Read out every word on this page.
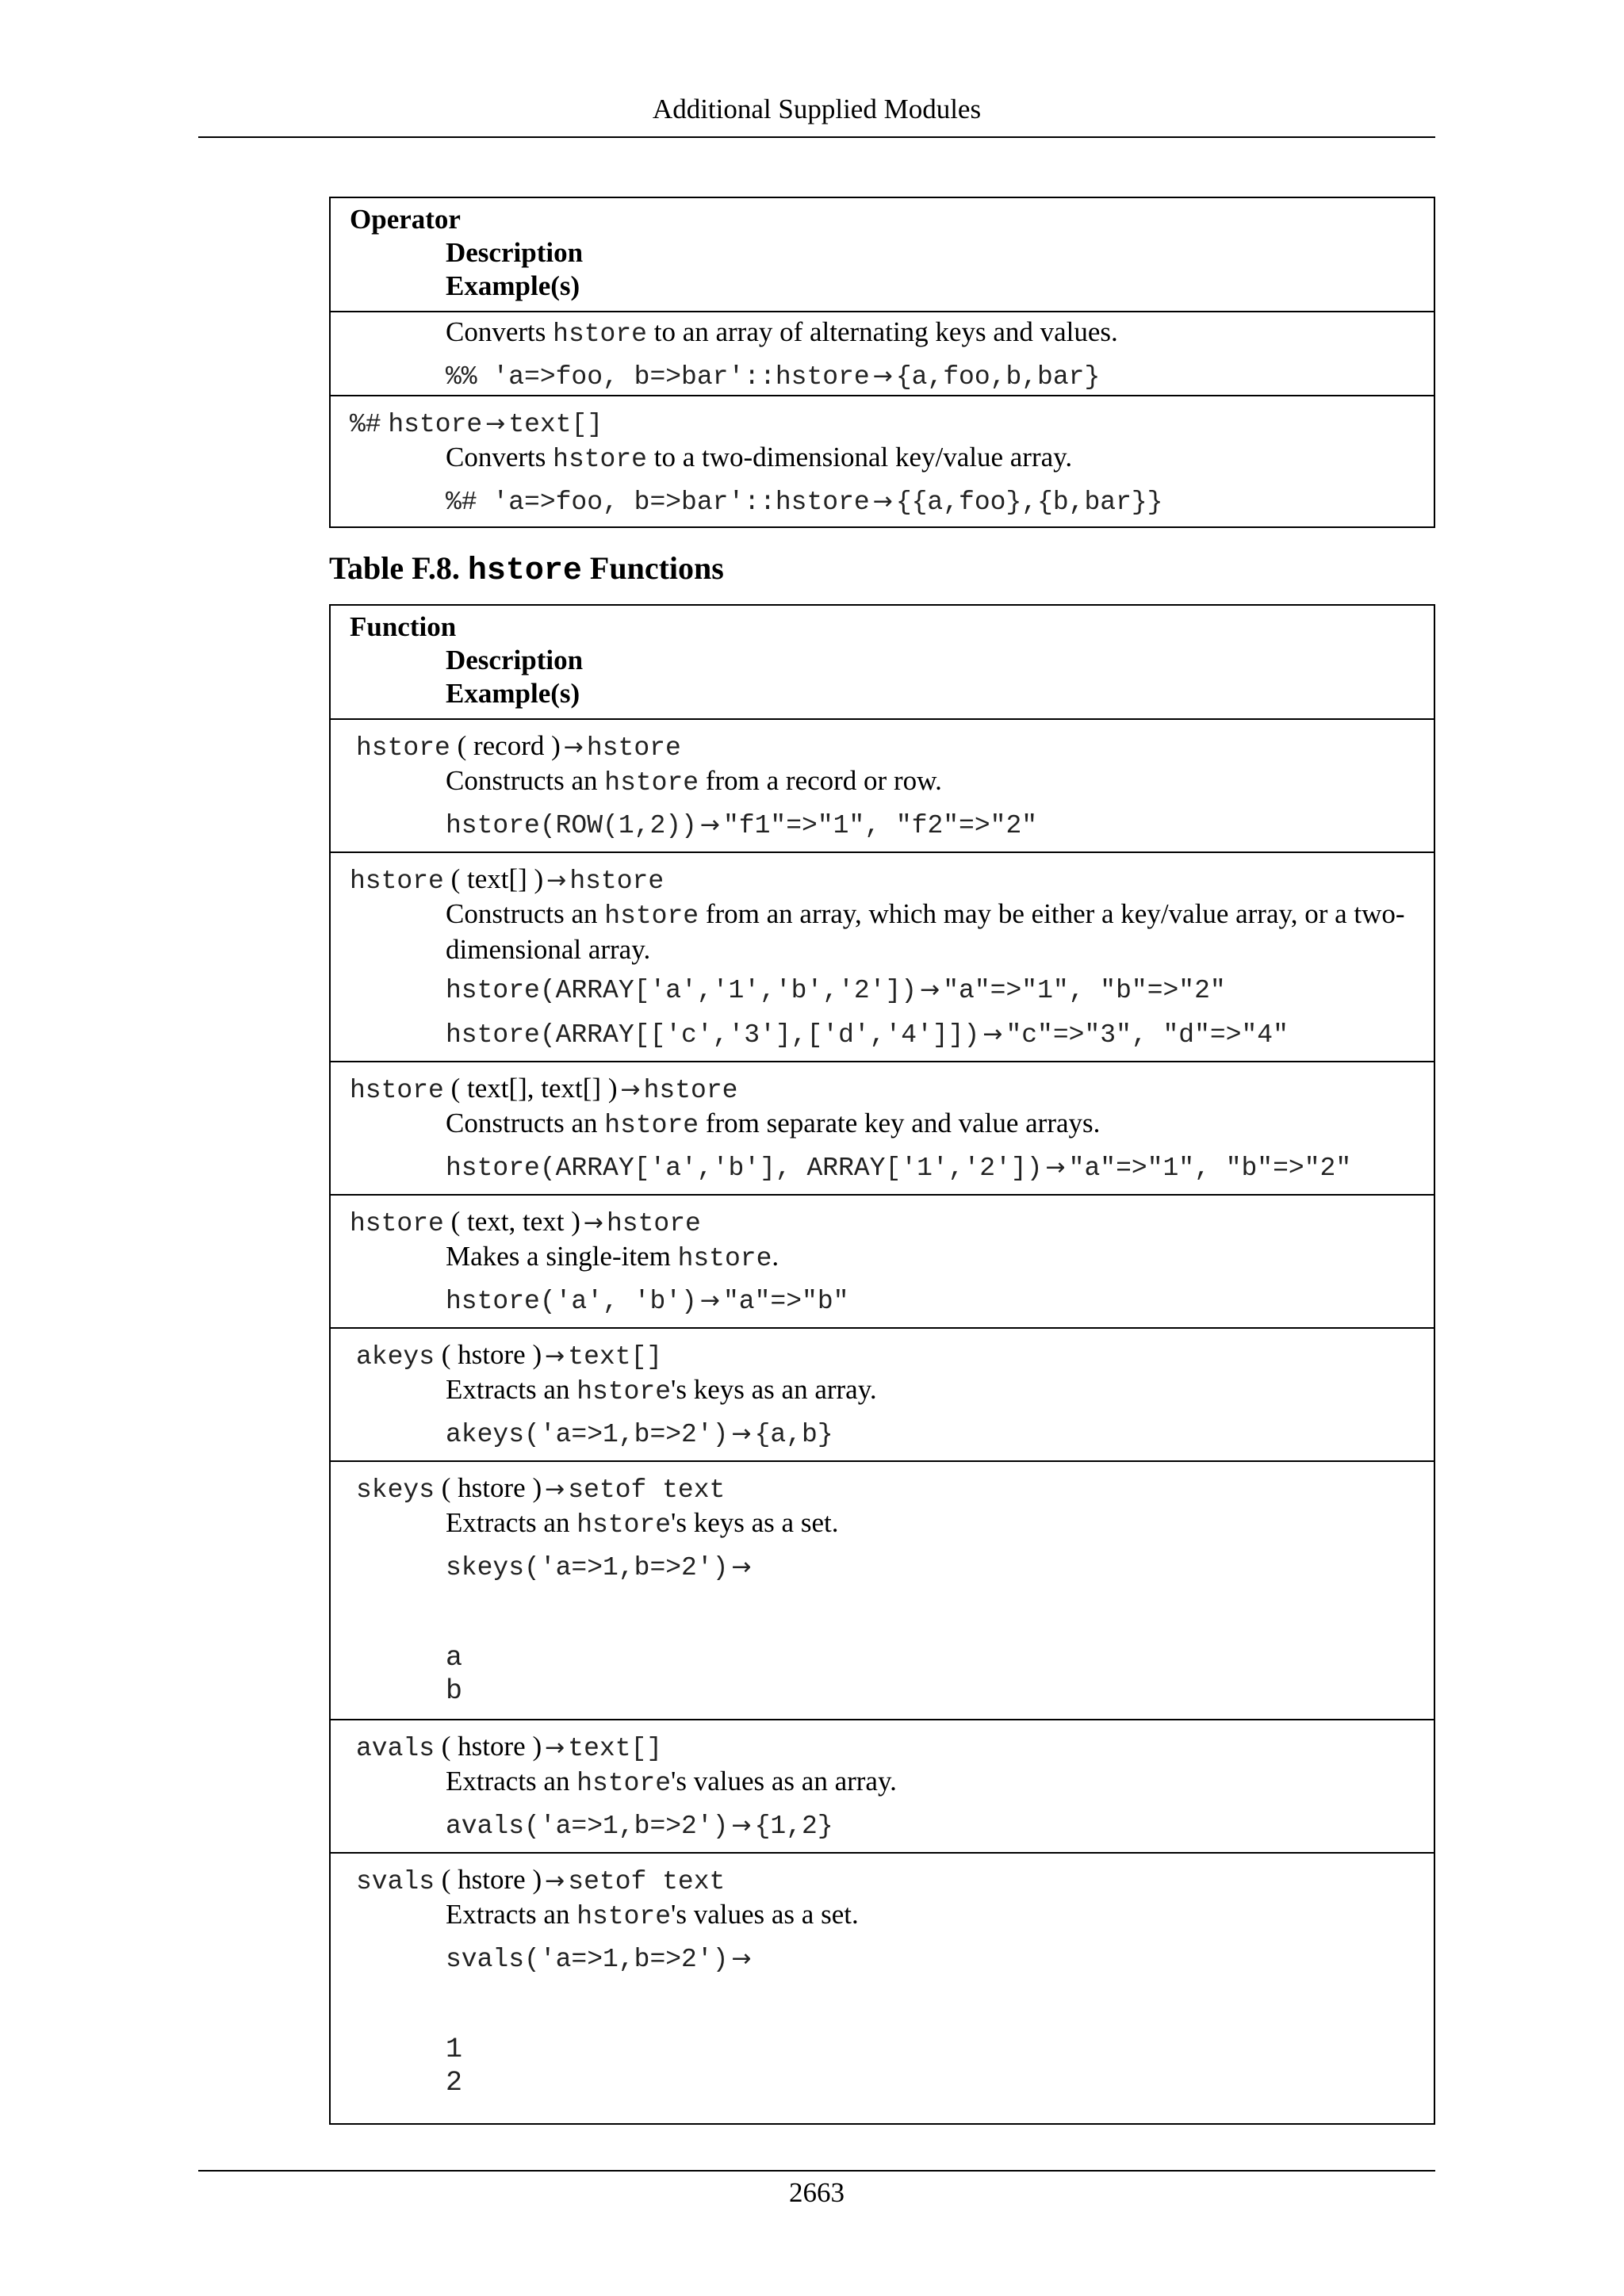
Additional Supplied Modules
Operator
Description
Example(s)
Converts hstore to an array of alternating keys and values.
%% 'a=>foo, b=>bar'::hstore → {a,foo,b,bar}
%# hstore → text[]
Converts hstore to a two-dimensional key/value array.
%# 'a=>foo, b=>bar'::hstore → {{a,foo},{b,bar}}
Table F.8. hstore Functions
Function
Description
Example(s)
hstore ( record ) → hstore
Constructs an hstore from a record or row.
hstore(ROW(1,2)) → "f1"=>"1", "f2"=>"2"
hstore ( text[] ) → hstore
Constructs an hstore from an array, which may be either a key/value array, or a two-dimensional array.
hstore(ARRAY['a','1','b','2']) → "a"=>"1", "b"=>"2"
hstore(ARRAY[['c','3'],['d','4']]) → "c"=>"3", "d"=>"4"
hstore ( text[], text[] ) → hstore
Constructs an hstore from separate key and value arrays.
hstore(ARRAY['a','b'], ARRAY['1','2']) → "a"=>"1", "b"=>"2"
hstore ( text, text ) → hstore
Makes a single-item hstore.
hstore('a', 'b') → "a"=>"b"
akeys ( hstore ) → text[]
Extracts an hstore's keys as an array.
akeys('a=>1,b=>2') → {a,b}
skeys ( hstore ) → setof text
Extracts an hstore's keys as a set.
skeys('a=>1,b=>2') →
a
b
avals ( hstore ) → text[]
Extracts an hstore's values as an array.
avals('a=>1,b=>2') → {1,2}
svals ( hstore ) → setof text
Extracts an hstore's values as a set.
svals('a=>1,b=>2') →
1
2
2663
